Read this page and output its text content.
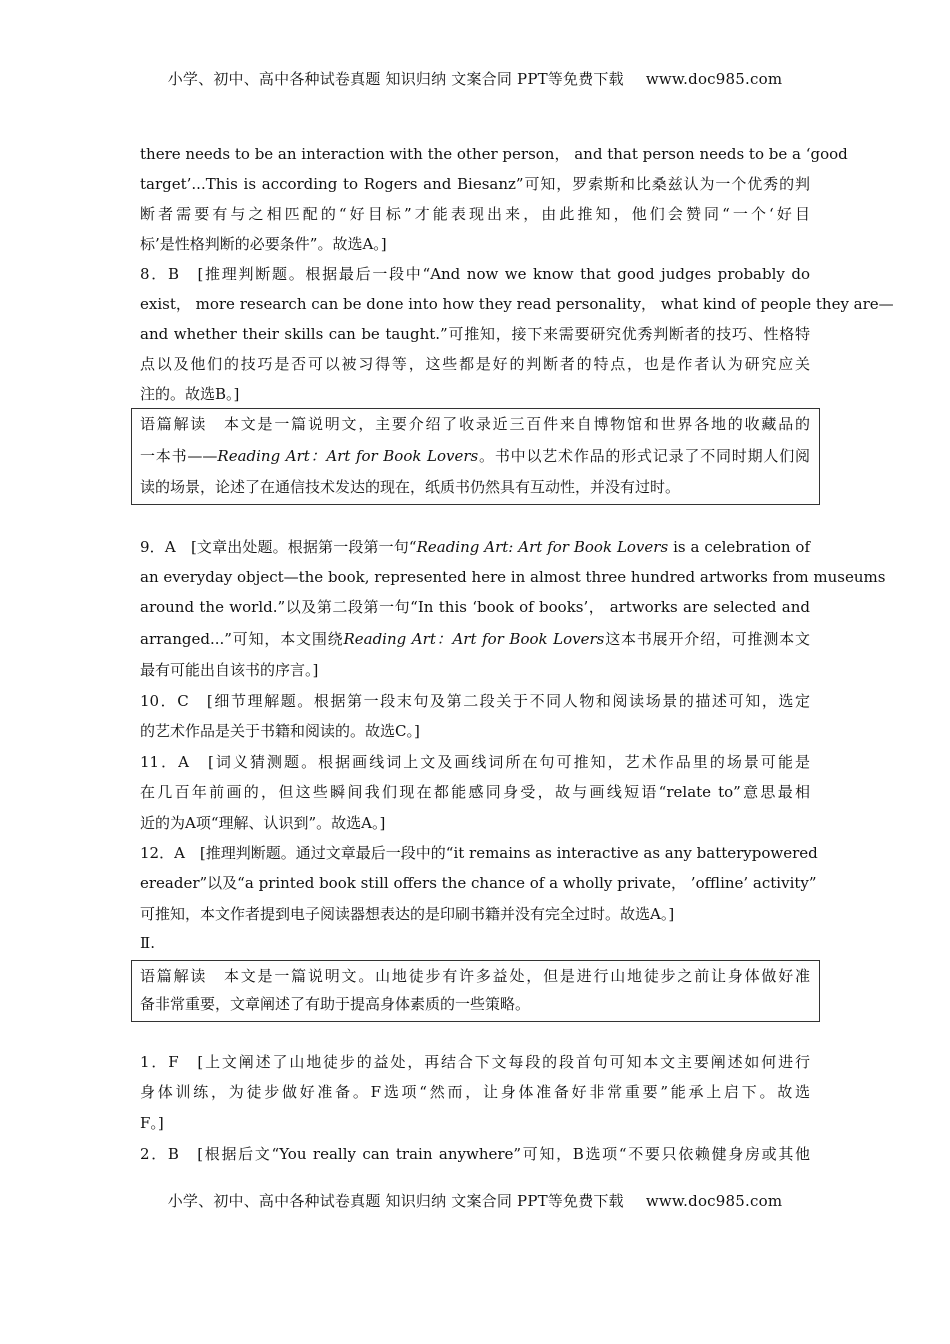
小学、初中、高中各种试卷真题 知识归纳 文案合同 PPT等免费下载 www.doc985.com
there needs to be an interaction with the other person， and that person needs to be a ‘good
target’...This is according to Rogers and Biesanz”可知，罗索斯和比桑兹认为一个优秀的判
断者需要有与之相匹配的“好目标”才能表现出来，由此推知，他们会赞同“一个‘好目
标’是性格判断的必要条件”。故选A。]
8．B　[推理判断题。根据最后一段中“And now we know that good judges probably do
exist， more research can be done into how they read personality， what kind of people they are—
and whether their skills can be taught.”可推知，接下来需要研究优秀判断者的技巧、性格特
点以及他们的技巧是否可以被习得等，这些都是好的判断者的特点，也是作者认为研究应关
注的。故选B。]
语篇解读　本文是一篇说明文，主要介绍了收录近三百件来自博物馆和世界各地的收藏品的
一本书——Reading Art：Art for Book Lovers。书中以艺术作品的形式记录了不同时期人们阅
读的场景，论述了在通信技术发达的现在，纸质书仍然具有互动性，并没有过时。
9．A　[文章出处题。根据第一段第一句“Reading Art: Art for Book Lovers is a celebration of
an everyday object—the book, represented here in almost three hundred artworks from museums
around the world.”以及第二段第一句“In this ‘book of books’， artworks are selected and
arranged...”可知，本文围绕Reading Art：Art for Book Lovers这本书展开介绍，可推测本文
最有可能出自该书的序言。]
10．C　[细节理解题。根据第一段末句及第二段关于不同人物和阅读场景的描述可知，选定
的艺术作品是关于书籍和阅读的。故选C。]
11．A　[词义猜测题。根据画线词上文及画线词所在句可推知，艺术作品里的场景可能是
在几百年前画的，但这些瞬间我们现在都能感同身受，故与画线短语“relate to”意思最相
近的为A项“理解、认识到”。故选A。]
12．A　[推理判断题。通过文章最后一段中的“it remains as interactive as any batterypowered
ereader”以及“a printed book still offers the chance of a wholly private， ’offline’ activity”
可推知，本文作者提到电子阅读器想表达的是印刷书籍并没有完全过时。故选A。]
Ⅱ.
语篇解读　本文是一篇说明文。山地徒步有许多益处，但是进行山地徒步之前让身体做好准
备非常重要，文章阐述了有助于提高身体素质的一些策略。
1．F　[上文阐述了山地徒步的益处，再结合下文每段的段首句可知本文主要阐述如何进行
身体训练，为徒步做好准备。F选项“然而，让身体准备好非常重要”能承上启下。故选
F。]
2．B　[根据后文“You really can train anywhere”可知，B选项“不要只依赖健身房或其他
小学、初中、高中各种试卷真题 知识归纳 文案合同 PPT等免费下载 www.doc985.com
